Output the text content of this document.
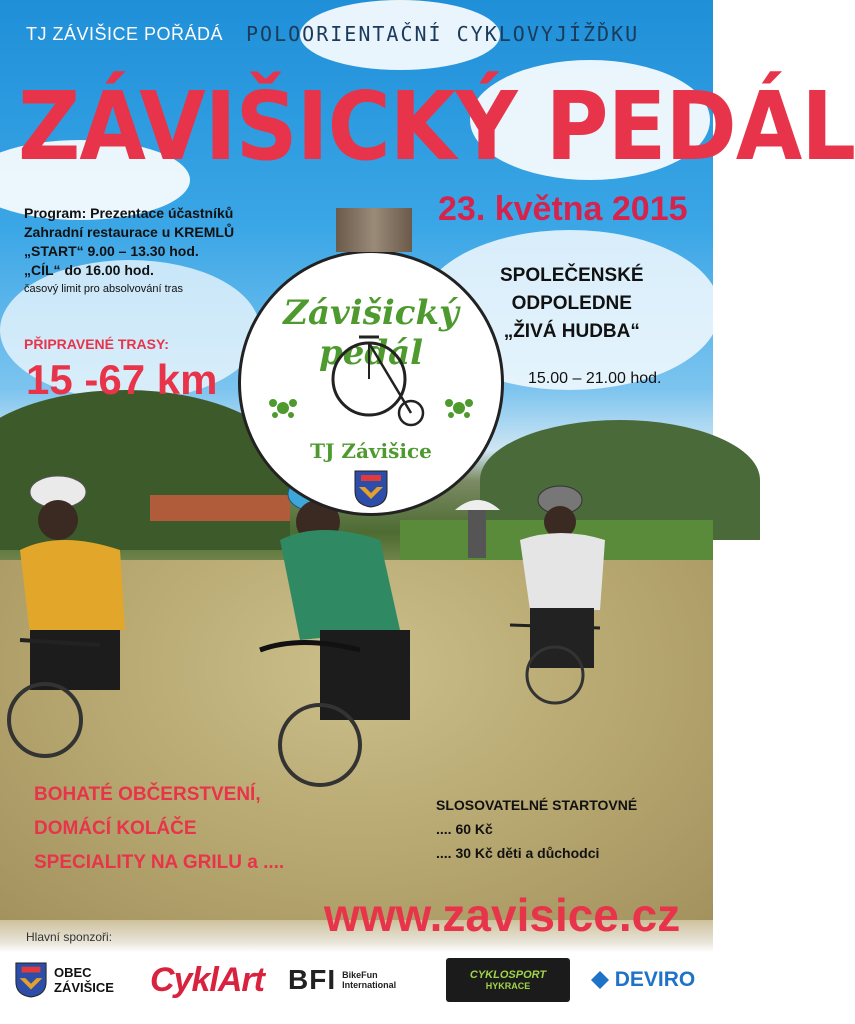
TJ ZÁVIŠICE POŘÁDÁ POLOORIENTAČNÍ CYKLOVYJÍŽĎKU

ZÁVIŠICKÝ PEDÁL

23. května 2015

Program: Prezentace účastníků
Zahradní restaurace u KREMLŮ
„START“ 9.00 – 13.30 hod.
„CÍL“ do 16.00 hod.
časový limit pro absolvování tras

PŘIPRAVENÉ TRASY:

15 -67 km

SPOLEČENSKÉ
ODPOLEDNE
„ŽIVÁ HUDBA“

15.00 – 21.00 hod.

Závišický pedál
TJ Závišice
BOHATÉ OBČERSTVENÍ,
DOMÁCÍ KOLÁČE
SPECIALITY NA GRILU a ....
SLOSOVATELNÉ STARTOVNÉ
.... 60 Kč
.... 30 Kč děti a důchodci

www.zavisice.cz

Hlavní sponzoři:

OBEC
ZÁVIŠICE	CyklArt BFI BikeFun International
CYKLOSPORT
HYKRACE	DEVIRO
